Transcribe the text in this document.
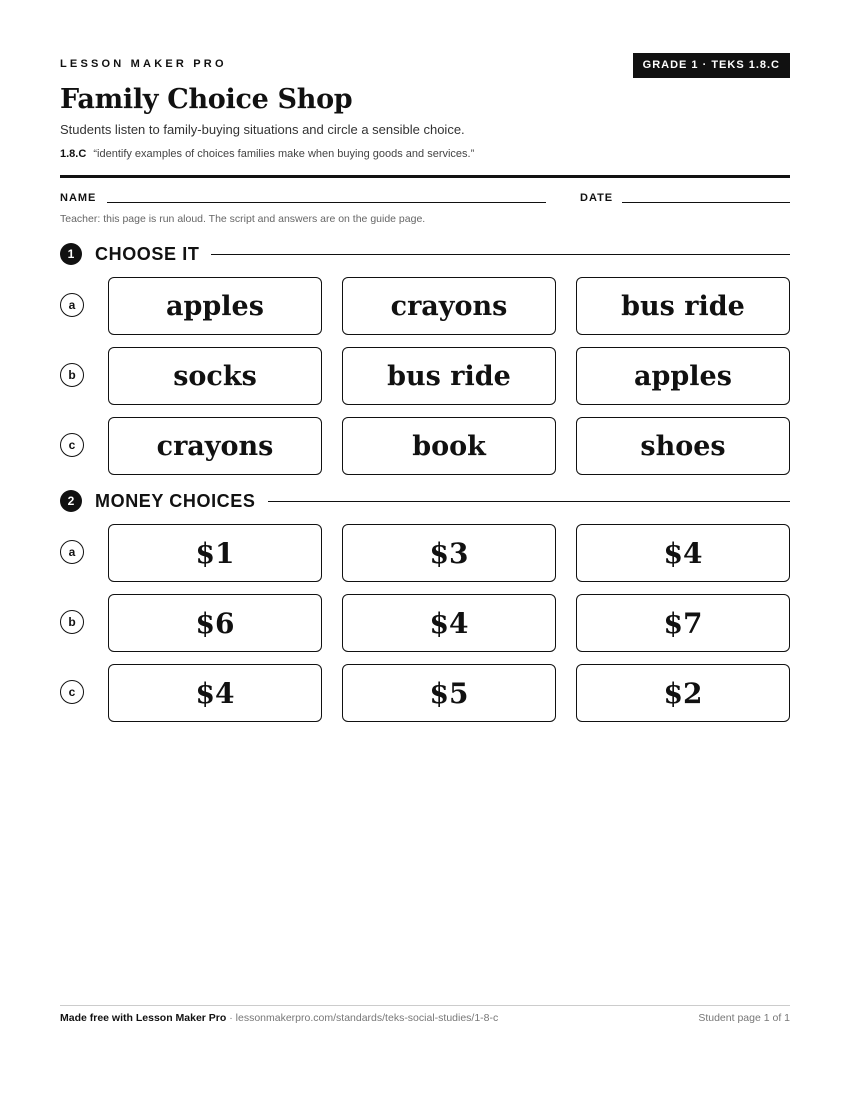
LESSON MAKER PRO	GRADE 1 · TEKS 1.8.C
Family Choice Shop
Students listen to family-buying situations and circle a sensible choice.
1.8.C “identify examples of choices families make when buying goods and services.”
NAME	DATE
Teacher: this page is run aloud. The script and answers are on the guide page.
1	CHOOSE IT
a	apples	crayons	bus ride
b	socks	bus ride	apples
c	crayons	book	shoes
2	MONEY CHOICES
a	$1	$3	$4
b	$6	$4	$7
c	$4	$5	$2
Made free with Lesson Maker Pro · lessonmakerpro.com/standards/teks-social-studies/1-8-c	Student page 1 of 1
